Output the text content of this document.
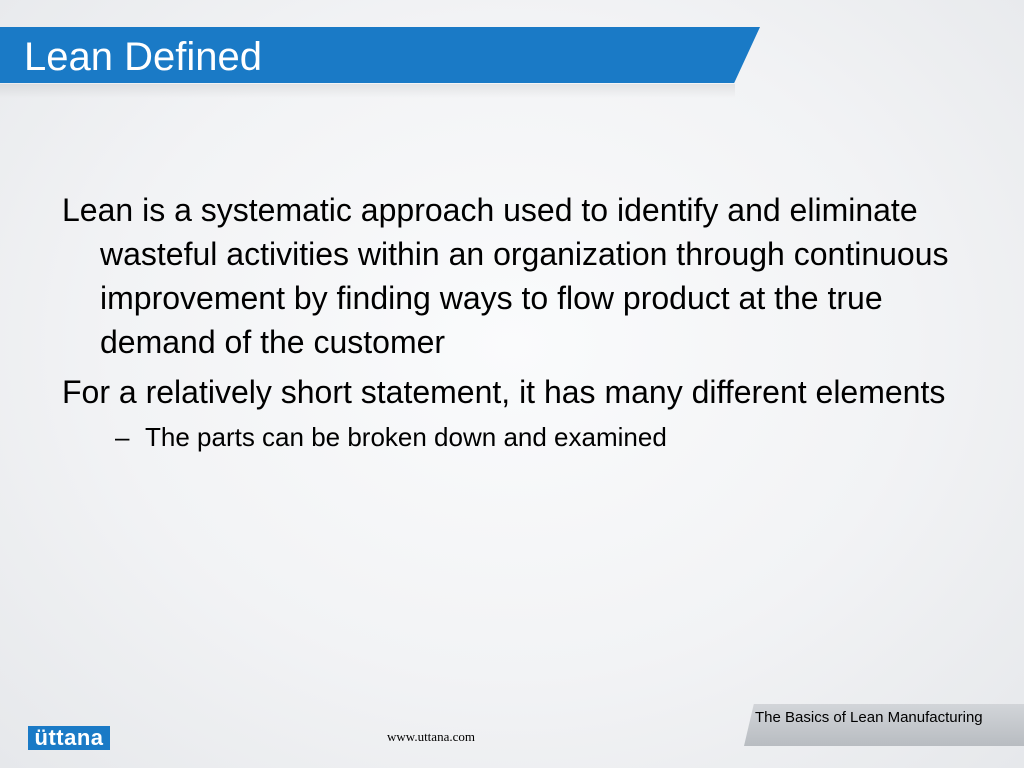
Lean Defined

Lean is a systematic approach used to identify and eliminate wasteful activities within an organization through continuous improvement by finding ways to flow product at the true demand of the customer

For a relatively short statement, it has many different elements

– The parts can be broken down and examined
The Basics of Lean Manufacturing
www.uttana.com
üttana
